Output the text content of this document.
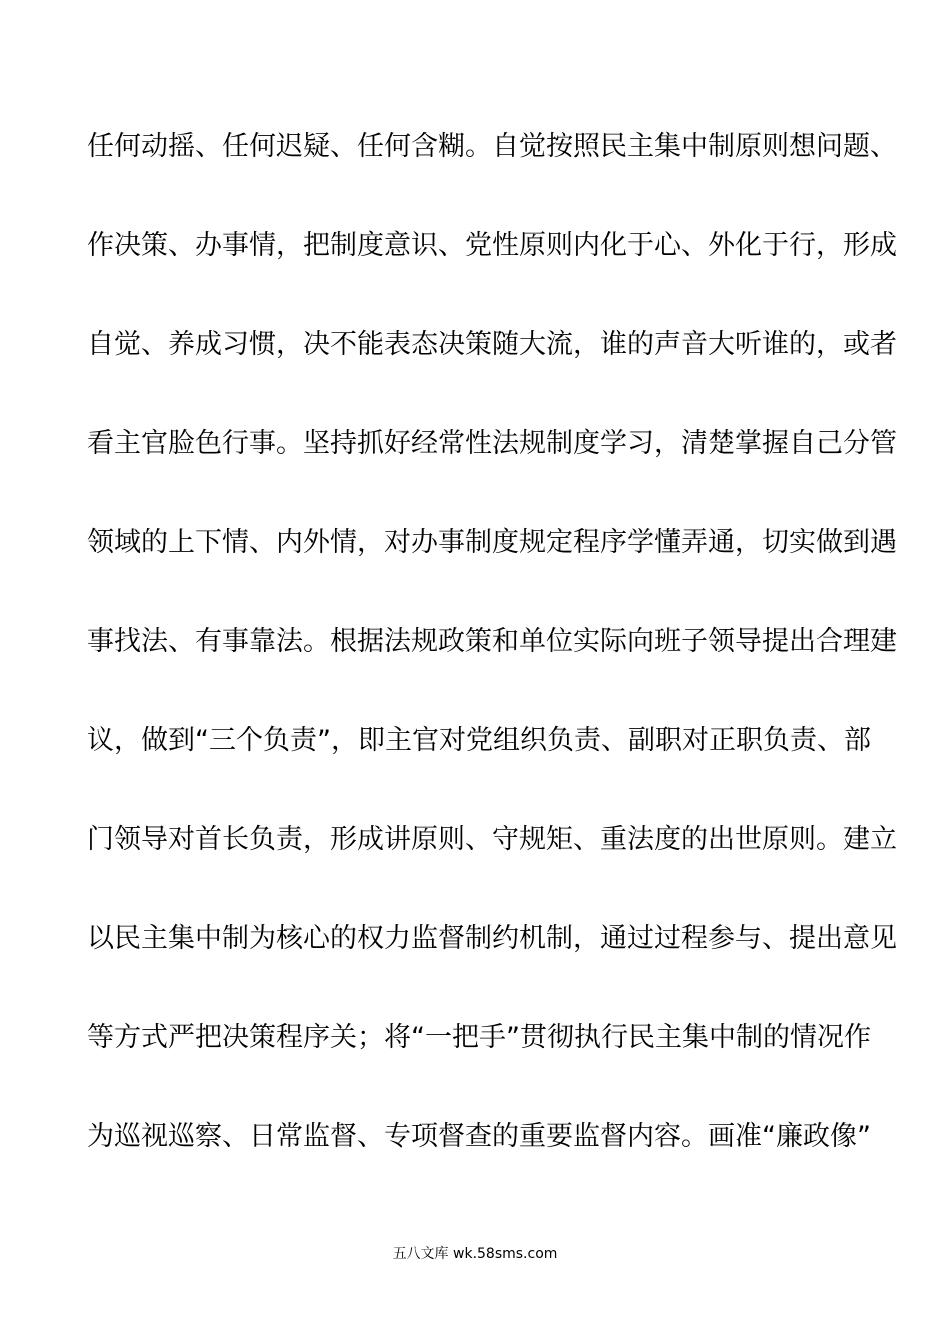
任何动摇、任何迟疑、任何含糊。自觉按照民主集中制原则想问题、
作决策、办事情，把制度意识、党性原则内化于心、外化于行，形成
自觉、养成习惯，决不能表态决策随大流，谁的声音大听谁的，或者
看主官脸色行事。坚持抓好经常性法规制度学习，清楚掌握自己分管
领域的上下情、内外情，对办事制度规定程序学懂弄通，切实做到遇
事找法、有事靠法。根据法规政策和单位实际向班子领导提出合理建
议，做到“三个负责”，即主官对党组织负责、副职对正职负责、部
门领导对首长负责，形成讲原则、守规矩、重法度的出世原则。建立
以民主集中制为核心的权力监督制约机制，通过过程参与、提出意见
等方式严把决策程序关；将“一把手”贯彻执行民主集中制的情况作
为巡视巡察、日常监督、专项督查的重要监督内容。画准“廉政像”
五八文库 wk.58sms.com
